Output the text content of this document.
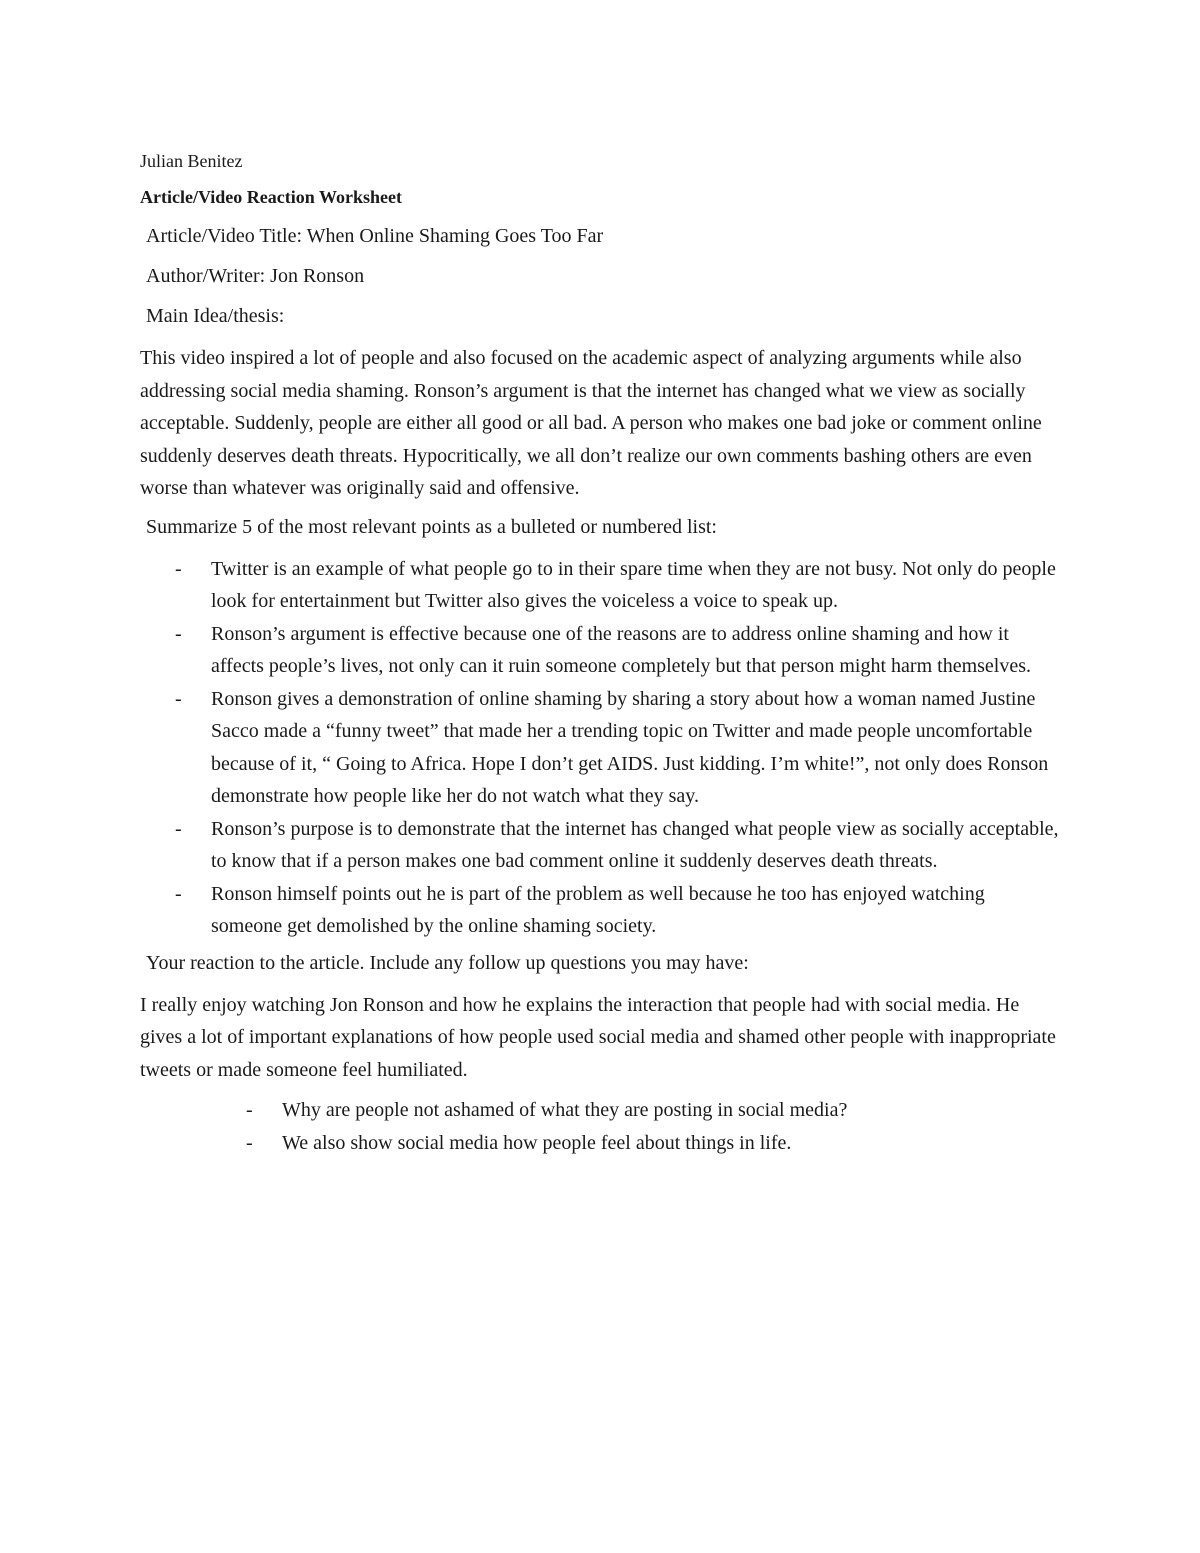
Julian Benitez

Article/Video Reaction Worksheet

Article/Video Title: When Online Shaming Goes Too Far

Author/Writer: Jon Ronson

Main Idea/thesis:

This video inspired a lot of people and also focused on the academic aspect of analyzing arguments while also addressing social media shaming. Ronson’s argument is that the internet has changed what we view as socially acceptable. Suddenly, people are either all good or all bad. A person who makes one bad joke or comment online suddenly deserves death threats. Hypocritically, we all don’t realize our own comments bashing others are even worse than whatever was originally said and offensive.

Summarize 5 of the most relevant points as a bulleted or numbered list:

- Twitter is an example of what people go to in their spare time when they are not busy. Not only do people look for entertainment but Twitter also gives the voiceless a voice to speak up.
- Ronson’s argument is effective because one of the reasons are to address online shaming and how it affects people’s lives, not only can it ruin someone completely but that person might harm themselves.
- Ronson gives a demonstration of online shaming by sharing a story about how a woman named Justine Sacco made a “funny tweet” that made her a trending topic on Twitter and made people uncomfortable because of it, “ Going to Africa. Hope I don’t get AIDS. Just kidding. I’m white!”, not only does Ronson demonstrate how people like her do not watch what they say.
- Ronson’s purpose is to demonstrate that the internet has changed what people view as socially acceptable, to know that if a person makes one bad comment online it suddenly deserves death threats.
- Ronson himself points out he is part of the problem as well because he too has enjoyed watching someone get demolished by the online shaming society.

Your reaction to the article. Include any follow up questions you may have:

I really enjoy watching Jon Ronson and how he explains the interaction that people had with social media. He gives a lot of important explanations of how people used social media and shamed other people with inappropriate tweets or made someone feel humiliated.

- Why are people not ashamed of what they are posting in social media?
- We also show social media how people feel about things in life.
